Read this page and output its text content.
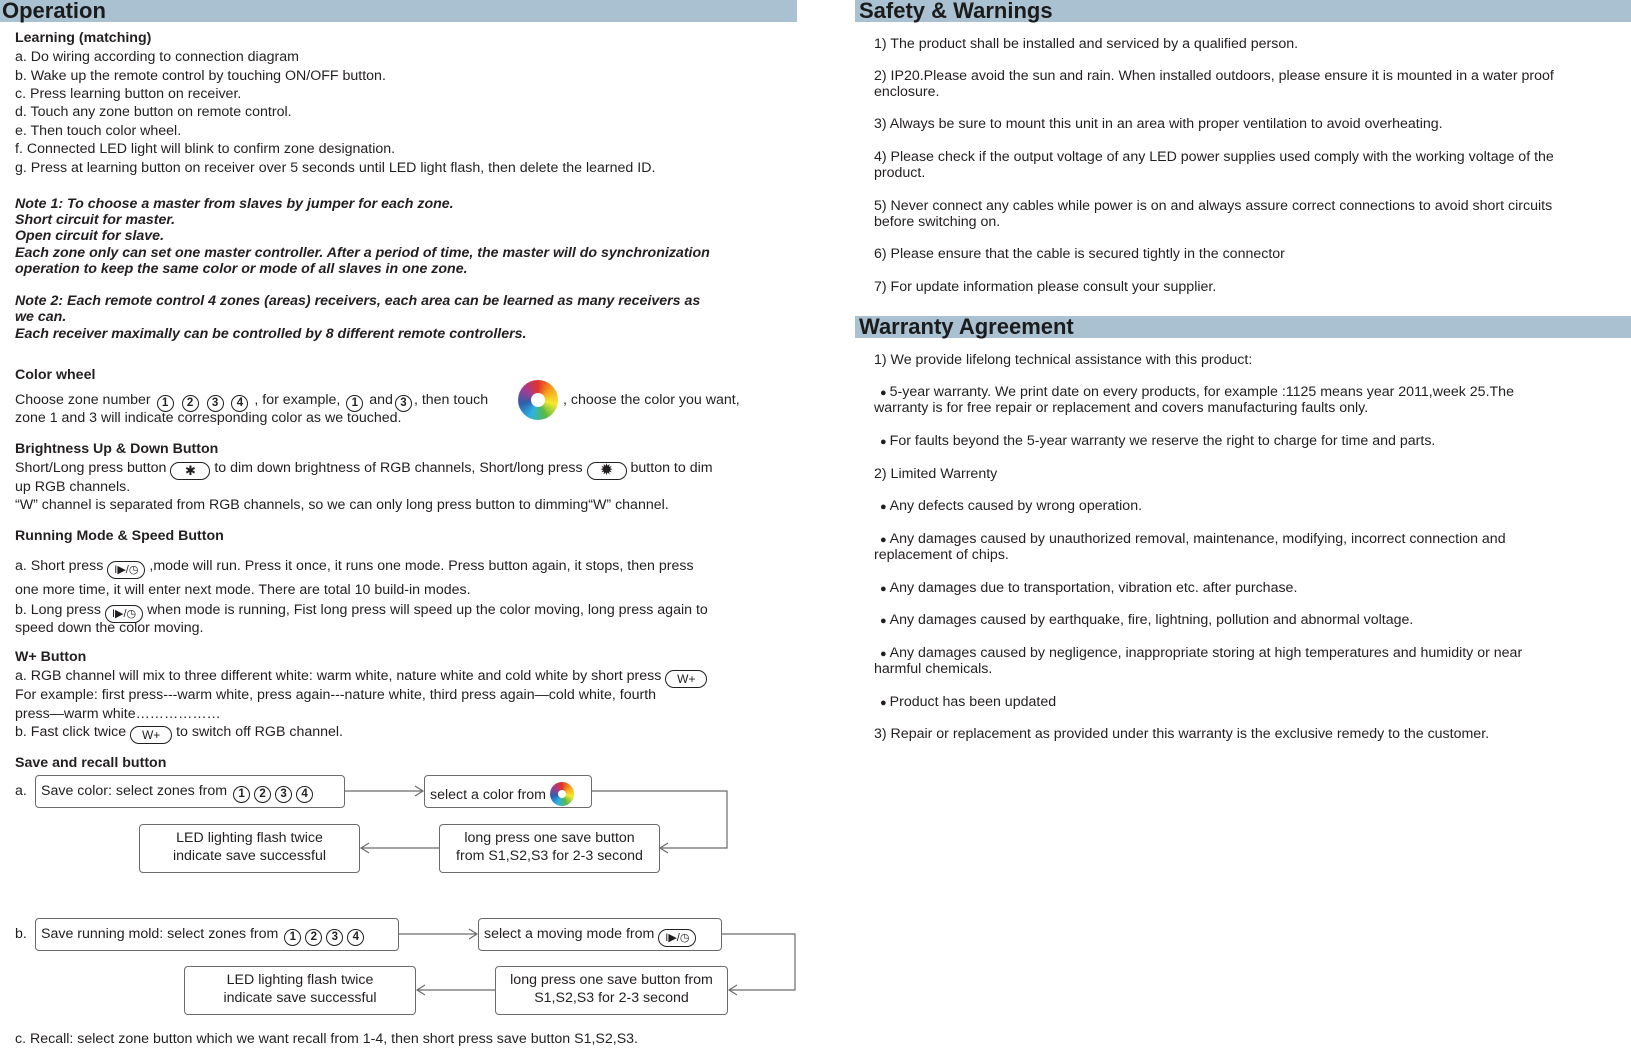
Operation
Learning (matching)
a. Do wiring according to connection diagram
b. Wake up the remote control by touching ON/OFF button.
c. Press learning button on receiver.
d. Touch any zone button on remote control.
e. Then touch color wheel.
f. Connected LED light will blink to confirm zone designation.
g. Press at learning button on receiver over 5 seconds until LED light flash, then delete the learned ID.
Note 1: To choose a master from slaves by jumper for each zone.
Short circuit for master.
Open circuit for slave.
Each zone only can set one master controller. After a period of time, the master will do synchronization
operation to keep the same color or mode of all slaves in one zone.
Note 2: Each remote control 4 zones (areas) receivers, each area can be learned as many receivers as
we can.
Each receiver maximally can be controlled by 8 different remote controllers.
Color wheel
Choose zone number 1 2 3 4 , for example, 1 and 3 , then touch	, choose the color you want,
zone 1 and 3 will indicate corresponding color as we touched.
Brightness Up & Down Button
Short/Long press button ✱ to dim down brightness of RGB channels, Short/long press ✹ button to dim
up RGB channels.
“W” channel is separated from RGB channels, so we can only long press button to dimming“W” channel.
Running Mode & Speed Button
a. Short press I▶/◷ ,mode will run. Press it once, it runs one mode. Press button again, it stops, then press
one more time, it will enter next mode. There are total 10 build-in modes.
b. Long press I▶/◷ when mode is running, Fist long press will speed up the color moving, long press again to
speed down the color moving.
W+ Button
a. RGB channel will mix to three different white: warm white, nature white and cold white by short press W+
For example: first press---warm white, press again---nature white, third press again—cold white, fourth
press—warm white………………
b. Fast click twice W+ to switch off RGB channel.
Save and recall button
a. Save color: select zones from 1 2 3 4	select a color from
long press one save button
from S1,S2,S3 for 2-3 second
LED lighting flash twice
indicate save successful
b. Save running mold: select zones from 1 2 3 4	select a moving mode from I▶/◷
long press one save button from
S1,S2,S3 for 2-3 second
LED lighting flash twice
indicate save successful
c. Recall: select zone button which we want recall from 1-4, then short press save button S1,S2,S3.
Safety & Warnings
1) The product shall be installed and serviced by a qualified person.
2) IP20.Please avoid the sun and rain. When installed outdoors, please ensure it is mounted in a water proof
enclosure.
3) Always be sure to mount this unit in an area with proper ventilation to avoid overheating.
4) Please check if the output voltage of any LED power supplies used comply with the working voltage of the
product.
5) Never connect any cables while power is on and always assure correct connections to avoid short circuits
before switching on.
6) Please ensure that the cable is secured tightly in the connector
7) For update information please consult your supplier.
Warranty Agreement
1) We provide lifelong technical assistance with this product:
● 5-year warranty. We print date on every products, for example :1125 means year 2011,week 25.The
warranty is for free repair or replacement and covers manufacturing faults only.
● For faults beyond the 5-year warranty we reserve the right to charge for time and parts.
2) Limited Warrenty
● Any defects caused by wrong operation.
● Any damages caused by unauthorized removal, maintenance, modifying, incorrect connection and
replacement of chips.
● Any damages due to transportation, vibration etc. after purchase.
● Any damages caused by earthquake, fire, lightning, pollution and abnormal voltage.
● Any damages caused by negligence, inappropriate storing at high temperatures and humidity or near
harmful chemicals.
● Product has been updated
3) Repair or replacement as provided under this warranty is the exclusive remedy to the customer.
